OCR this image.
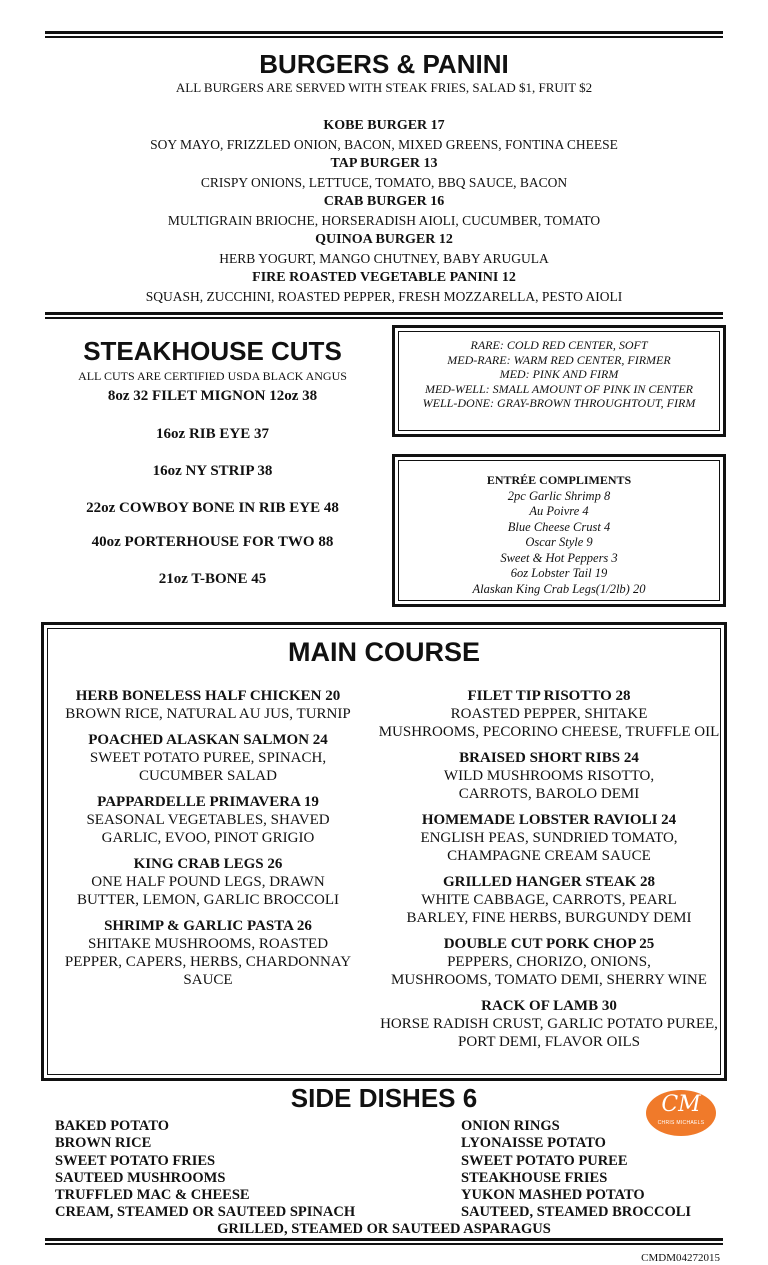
BURGERS & PANINI
ALL BURGERS ARE SERVED WITH STEAK FRIES, SALAD $1, FRUIT $2
KOBE BURGER 17
SOY MAYO, FRIZZLED ONION, BACON, MIXED GREENS, FONTINA CHEESE
TAP BURGER 13
CRISPY ONIONS, LETTUCE, TOMATO, BBQ SAUCE, BACON
CRAB BURGER 16
MULTIGRAIN BRIOCHE, HORSERADISH AIOLI, CUCUMBER, TOMATO
QUINOA BURGER 12
HERB YOGURT, MANGO CHUTNEY, BABY ARUGULA
FIRE ROASTED VEGETABLE PANINI 12
SQUASH, ZUCCHINI, ROASTED PEPPER, FRESH MOZZARELLA, PESTO AIOLI
STEAKHOUSE CUTS
ALL CUTS ARE CERTIFIED USDA BLACK ANGUS
8oz 32 FILET MIGNON 12oz 38
16oz RIB EYE 37
16oz NY STRIP 38
22oz COWBOY BONE IN RIB EYE 48
40oz PORTERHOUSE FOR TWO 88
21oz T-BONE 45
RARE: COLD RED CENTER, SOFT
MED-RARE: WARM RED CENTER, FIRMER
MED: PINK AND FIRM
MED-WELL: SMALL AMOUNT OF PINK IN CENTER
WELL-DONE: GRAY-BROWN THROUGHTOUT, FIRM
ENTRÉE COMPLIMENTS
2pc Garlic Shrimp 8
Au Poivre 4
Blue Cheese Crust 4
Oscar Style 9
Sweet & Hot Peppers 3
6oz Lobster Tail 19
Alaskan King Crab Legs(1/2lb) 20
MAIN COURSE
HERB BONELESS HALF CHICKEN 20
BROWN RICE, NATURAL AU JUS, TURNIP
POACHED ALASKAN SALMON 24
SWEET POTATO PUREE, SPINACH,
CUCUMBER SALAD
PAPPARDELLE PRIMAVERA 19
SEASONAL VEGETABLES, SHAVED
GARLIC, EVOO, PINOT GRIGIO
KING CRAB LEGS 26
ONE HALF POUND LEGS, DRAWN
BUTTER, LEMON, GARLIC BROCCOLI
SHRIMP & GARLIC PASTA 26
SHITAKE MUSHROOMS, ROASTED
PEPPER, CAPERS, HERBS, CHARDONNAY
SAUCE
FILET TIP RISOTTO 28
ROASTED PEPPER, SHITAKE
MUSHROOMS, PECORINO CHEESE, TRUFFLE OIL
BRAISED SHORT RIBS 24
WILD MUSHROOMS RISOTTO,
CARROTS, BAROLO DEMI
HOMEMADE LOBSTER RAVIOLI 24
ENGLISH PEAS, SUNDRIED TOMATO,
CHAMPAGNE CREAM SAUCE
GRILLED HANGER STEAK 28
WHITE CABBAGE, CARROTS, PEARL
BARLEY, FINE HERBS, BURGUNDY DEMI
DOUBLE CUT PORK CHOP 25
PEPPERS, CHORIZO, ONIONS,
MUSHROOMS, TOMATO DEMI, SHERRY WINE
RACK OF LAMB 30
HORSE RADISH CRUST, GARLIC POTATO PUREE,
PORT DEMI, FLAVOR OILS
SIDE DISHES 6	CM
CHRIS MICHAELS
BAKED POTATO
BROWN RICE
SWEET POTATO FRIES
SAUTEED MUSHROOMS
TRUFFLED MAC & CHEESE
CREAM, STEAMED OR SAUTEED SPINACH
ONION RINGS
LYONAISSE POTATO
SWEET POTATO PUREE
STEAKHOUSE FRIES
YUKON MASHED POTATO
SAUTEED, STEAMED BROCCOLI
GRILLED, STEAMED OR SAUTEED ASPARAGUS
CMDM04272015
